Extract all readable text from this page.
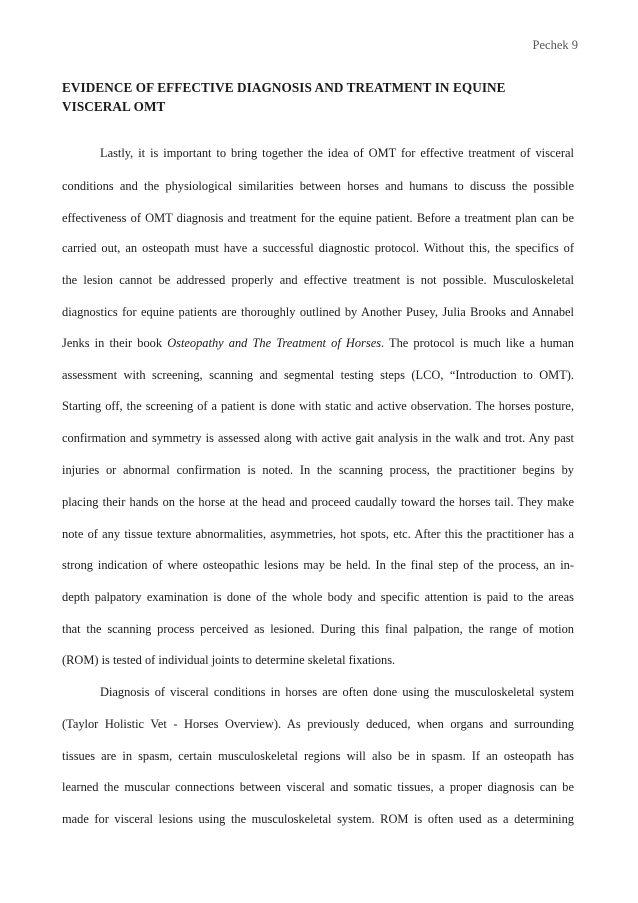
Pechek 9
EVIDENCE OF EFFECTIVE DIAGNOSIS AND TREATMENT IN EQUINE
VISCERAL OMT
Lastly, it is important to bring together the idea of OMT for effective treatment of visceral
conditions and the physiological similarities between horses and humans to discuss the possible
effectiveness of OMT diagnosis and treatment for the equine patient. Before a treatment plan can be
carried out, an osteopath must have a successful diagnostic protocol. Without this, the specifics of
the lesion cannot be addressed properly and effective treatment is not possible. Musculoskeletal
diagnostics for equine patients are thoroughly outlined by Another Pusey, Julia Brooks and Annabel
Jenks in their book Osteopathy and The Treatment of Horses. The protocol is much like a human
assessment with screening, scanning and segmental testing steps (LCO, “Introduction to OMT).
Starting off, the screening of a patient is done with static and active observation. The horses posture,
confirmation and symmetry is assessed along with active gait analysis in the walk and trot. Any past
injuries or abnormal confirmation is noted. In the scanning process, the practitioner begins by
placing their hands on the horse at the head and proceed caudally toward the horses tail. They make
note of any tissue texture abnormalities, asymmetries, hot spots, etc. After this the practitioner has a
strong indication of where osteopathic lesions may be held. In the final step of the process, an in-
depth palpatory examination is done of the whole body and specific attention is paid to the areas
that the scanning process perceived as lesioned. During this final palpation, the range of motion
(ROM) is tested of individual joints to determine skeletal fixations.
Diagnosis of visceral conditions in horses are often done using the musculoskeletal system
(Taylor Holistic Vet - Horses Overview). As previously deduced, when organs and surrounding
tissues are in spasm, certain musculoskeletal regions will also be in spasm. If an osteopath has
learned the muscular connections between visceral and somatic tissues, a proper diagnosis can be
made for visceral lesions using the musculoskeletal system. ROM is often used as a determining
